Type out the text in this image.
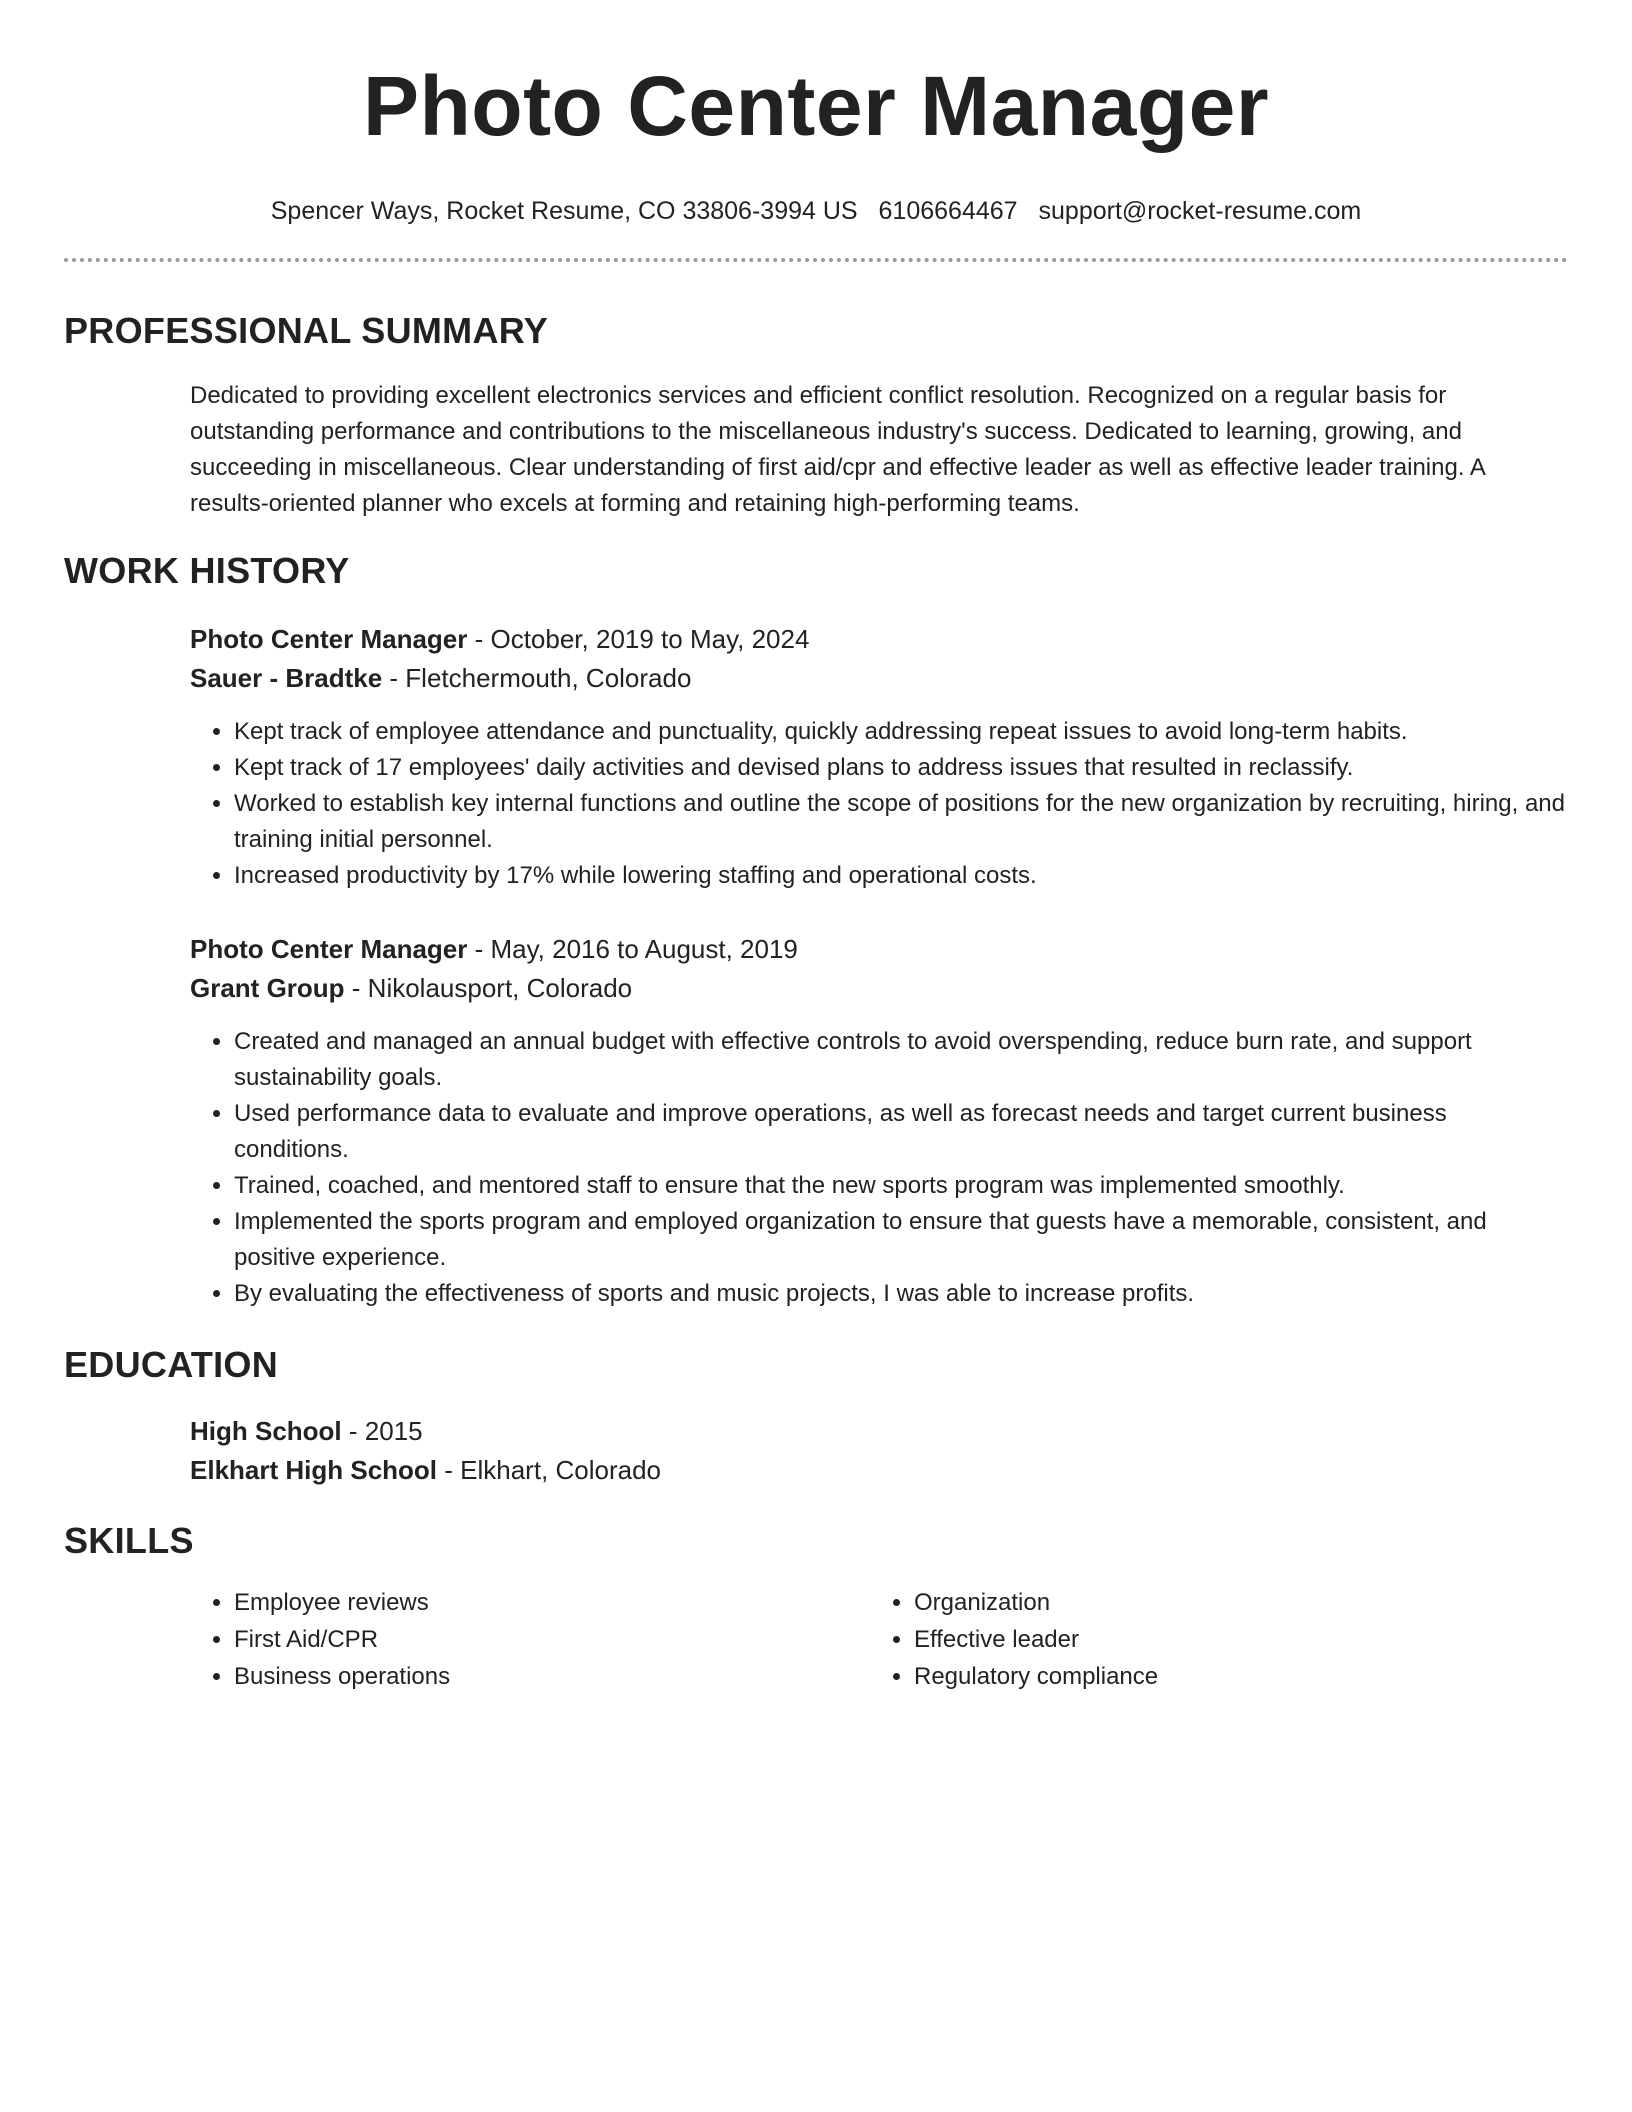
Photo Center Manager
Spencer Ways, Rocket Resume, CO 33806-3994 US 6106664467 support@rocket-resume.com
PROFESSIONAL SUMMARY

Dedicated to providing excellent electronics services and efficient conflict resolution. Recognized on a regular basis for outstanding performance and contributions to the miscellaneous industry's success. Dedicated to learning, growing, and succeeding in miscellaneous. Clear understanding of first aid/cpr and effective leader as well as effective leader training. A results-oriented planner who excels at forming and retaining high-performing teams.

WORK HISTORY
Photo Center Manager - October, 2019 to May, 2024
Sauer - Bradtke - Fletchermouth, Colorado
• Kept track of employee attendance and punctuality, quickly addressing repeat issues to avoid long-term habits.
• Kept track of 17 employees' daily activities and devised plans to address issues that resulted in reclassify.
• Worked to establish key internal functions and outline the scope of positions for the new organization by recruiting, hiring, and training initial personnel.
• Increased productivity by 17% while lowering staffing and operational costs.
Photo Center Manager - May, 2016 to August, 2019
Grant Group - Nikolausport, Colorado
• Created and managed an annual budget with effective controls to avoid overspending, reduce burn rate, and support sustainability goals.
• Used performance data to evaluate and improve operations, as well as forecast needs and target current business conditions.
• Trained, coached, and mentored staff to ensure that the new sports program was implemented smoothly.
• Implemented the sports program and employed organization to ensure that guests have a memorable, consistent, and positive experience.
• By evaluating the effectiveness of sports and music projects, I was able to increase profits.
EDUCATION
High School - 2015
Elkhart High School - Elkhart, Colorado
SKILLS
• Employee reviews
• First Aid/CPR
• Business operations
• Organization
• Effective leader
• Regulatory compliance
